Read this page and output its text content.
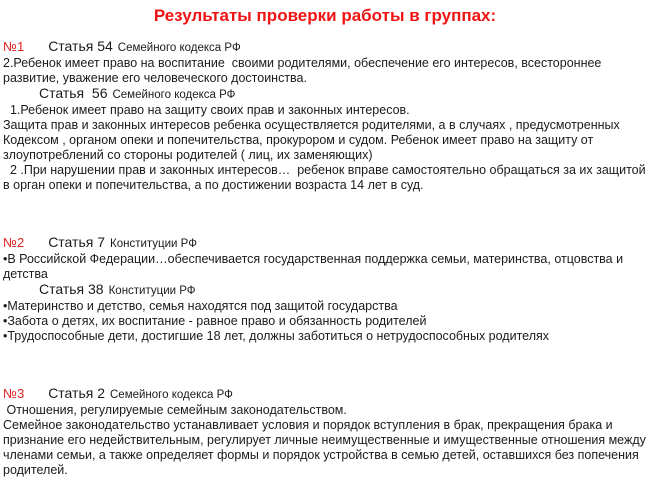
Результаты проверки работы в группах:
№1 Статья 54 Семейного кодекса РФ

2.Ребенок имеет право на воспитание  своими родителями, обеспечение его интересов, всестороннее развитие, уважение его человеческого достоинства.

Статья  56 Семейного кодекса РФ

1.Ребенок имеет право на защиту своих прав и законных интересов.

Защита прав и законных интересов ребенка осуществляется родителями, а в случаях , предусмотренных Кодексом , органом опеки и попечительства, прокурором и судом. Ребенок имеет право на защиту от злоупотреблений со стороны родителей ( лиц, их заменяющих)

2 .При нарушении прав и законных интересов…  ребенок вправе самостоятельно обращаться за их защитой в орган опеки и попечительства, а по достижении возраста 14 лет в суд.

№2 Статья 7 Конституции РФ

•В Российской Федерации…обеспечивается государственная поддержка семьи, материнства, отцовства и детства

Статья 38 Конституции РФ

•Материнство и детство, семья находятся под защитой государства

•Забота о детях, их воспитание - равное право и обязанность родителей

•Трудоспособные дети, достигшие 18 лет, должны заботиться о нетрудоспособных родителях

№3 Статья 2 Семейного кодекса РФ

Отношения, регулируемые семейным законодательством.

Семейное законодательство устанавливает условия и порядок вступления в брак, прекращения брака и признание его недействительным, регулирует личные неимущественные и имущественные отношения между членами семьи, а также определяет формы и порядок устройства в семью детей, оставшихся без попечения родителей.
